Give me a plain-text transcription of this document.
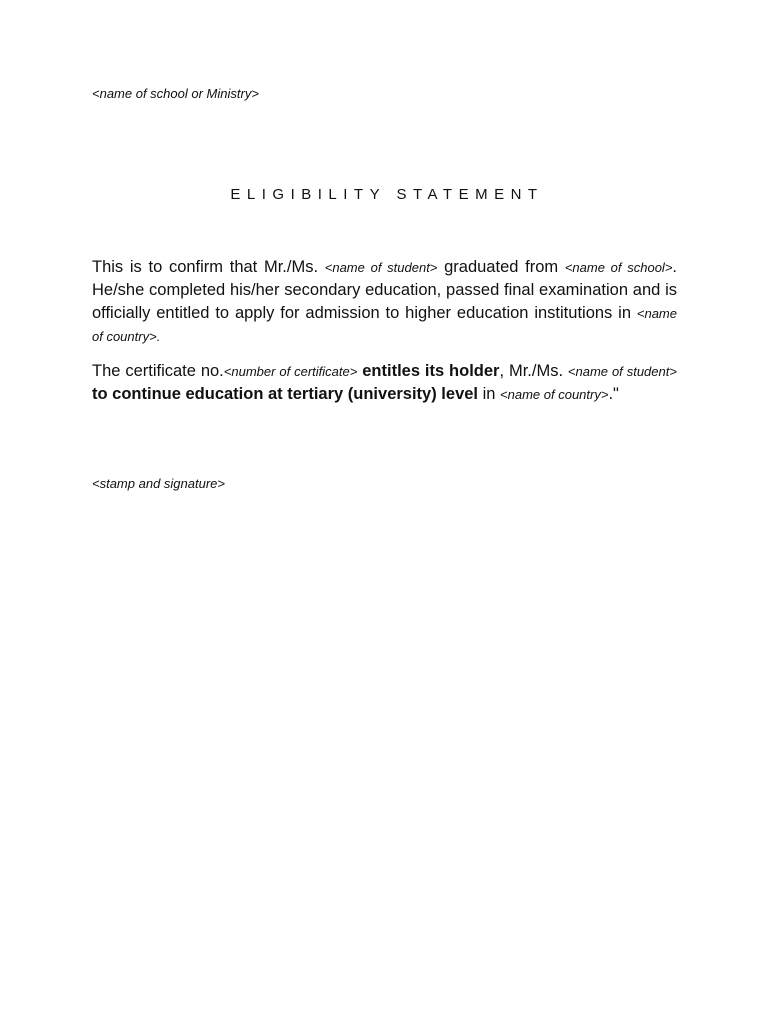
<name of school or Ministry>
ELIGIBILITY STATEMENT

This is to confirm that Mr./Ms. <name of student> graduated from <name of school>. He/she completed his/her secondary education, passed final examination and is officially entitled to apply for admission to higher education institutions in <name of country>.

The certificate no.<number of certificate> entitles its holder, Mr./Ms. <name of student> to continue education at tertiary (university) level in <name of country>."

<stamp and signature>
